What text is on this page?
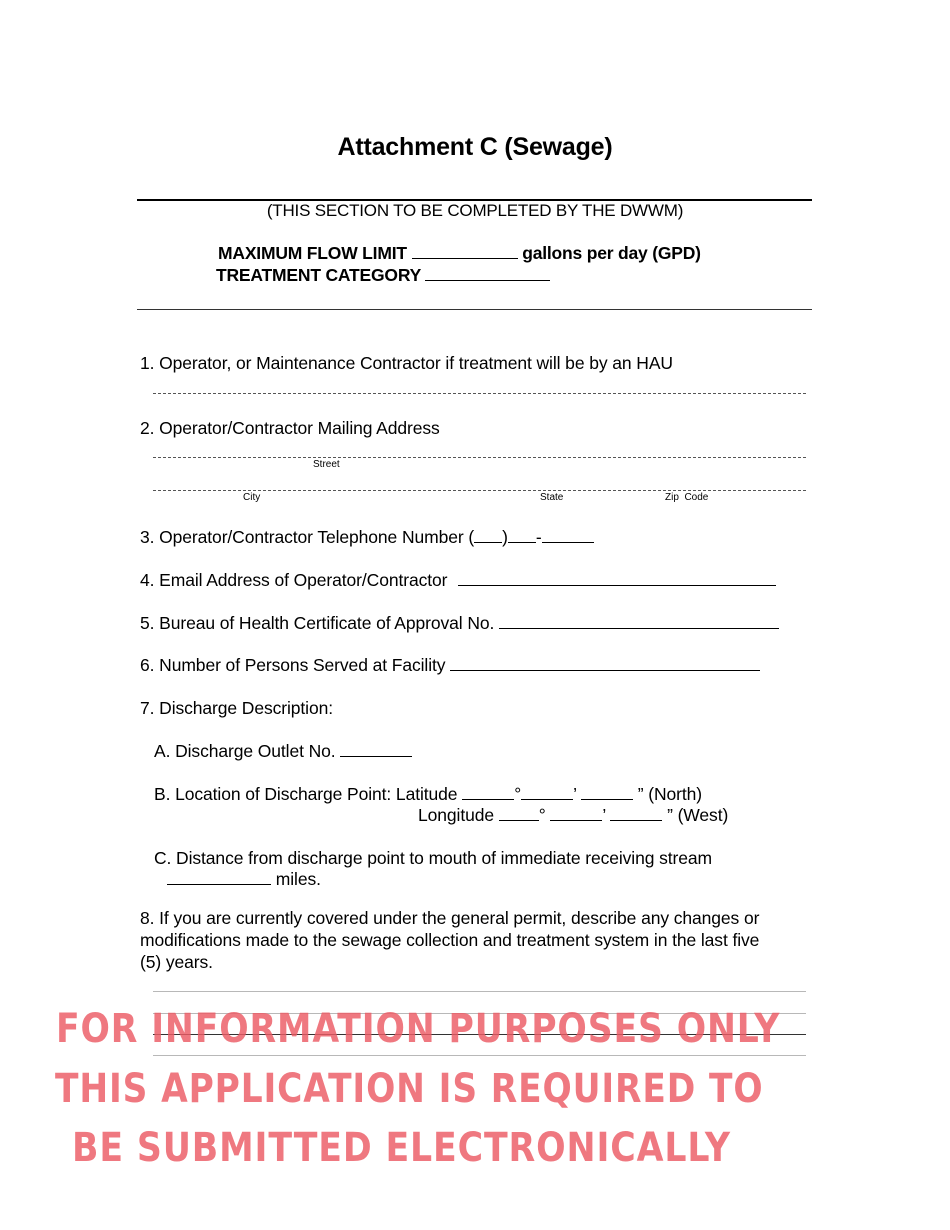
Attachment C (Sewage)
(THIS SECTION TO BE COMPLETED BY THE DWWM)
MAXIMUM FLOW LIMIT	gallons per day (GPD)
TREATMENT CATEGORY
1. Operator, or Maintenance Contractor if treatment will be by an HAU
2. Operator/Contractor Mailing Address
Street
City	State	Zip  Code
3. Operator/Contractor Telephone Number ( ) -
4. Email Address of Operator/Contractor
5. Bureau of Health Certificate of Approval No.
6. Number of Persons Served at Facility
7. Discharge Description:
A. Discharge Outlet No.
B. Location of Discharge Point: Latitude	°	’	” (North)
Longitude	°	’	” (West)
C. Distance from discharge point to mouth of immediate receiving stream
miles.
8. If you are currently covered under the general permit, describe any changes or
modifications made to the sewage collection and treatment system in the last five
(5) years.
FOR INFORMATION PURPOSES ONLY
THIS APPLICATION IS REQUIRED TO
BE SUBMITTED ELECTRONICALLY
